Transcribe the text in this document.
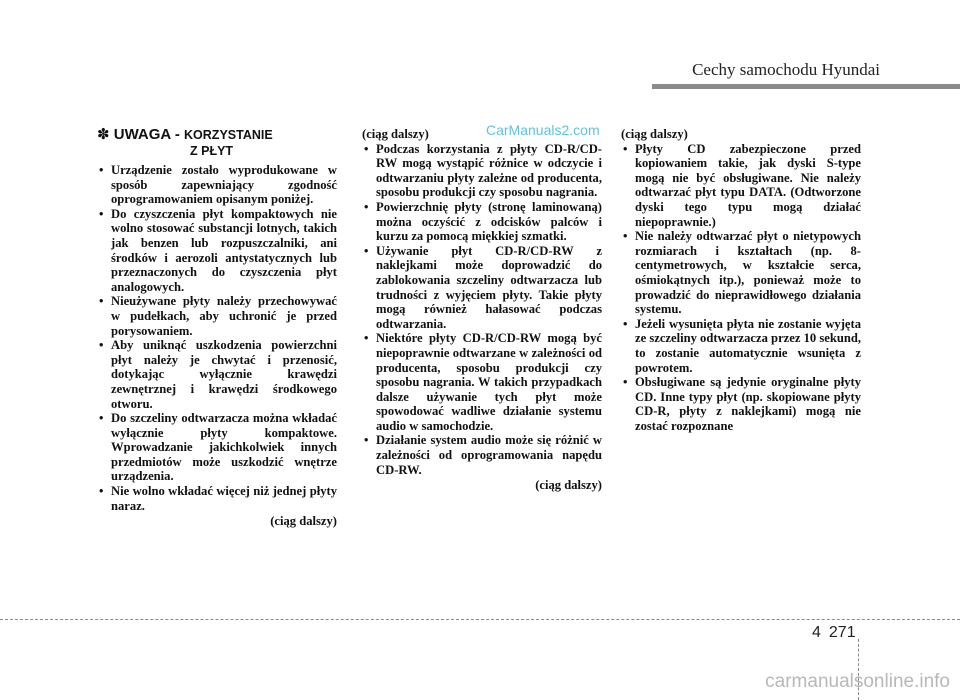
Cechy samochodu Hyundai
CarManuals2.com
✽ UWAGA - KORZYSTANIE
Z PŁYT
• Urządzenie zostało wyprodukowane w sposób zapewniający zgodność oprogramowaniem opisanym poniżej.
• Do czyszczenia płyt kompaktowych nie wolno stosować substancji lotnych, takich jak benzen lub rozpuszczalniki, ani środków i aerozoli antystatycznych lub przeznaczonych do czyszczenia płyt analogowych.
• Nieużywane płyty należy przechowywać w pudełkach, aby uchronić je przed porysowaniem.
• Aby uniknąć uszkodzenia powierzchni płyt należy je chwytać i przenosić, dotykając wyłącznie krawędzi zewnętrznej i krawędzi środkowego otworu.
• Do szczeliny odtwarzacza można wkładać wyłącznie płyty kompaktowe. Wprowadzanie jakichkolwiek innych przedmiotów może uszkodzić wnętrze urządzenia.
• Nie wolno wkładać więcej niż jednej płyty naraz.
(ciąg dalszy)
(ciąg dalszy)
• Podczas korzystania z płyty CD-R/CD-RW mogą wystąpić różnice w odczycie i odtwarzaniu płyty zależne od producenta, sposobu produkcji czy sposobu nagrania.
• Powierzchnię płyty (stronę laminowaną) można oczyścić z odcisków palców i kurzu za pomocą miękkiej szmatki.
• Używanie płyt CD-R/CD-RW z naklejkami może doprowadzić do zablokowania szczeliny odtwarzacza lub trudności z wyjęciem płyty. Takie płyty mogą również hałasować podczas odtwarzania.
• Niektóre płyty CD-R/CD-RW mogą być niepoprawnie odtwarzane w zależności od producenta, sposobu produkcji czy sposobu nagrania. W takich przypadkach dalsze używanie tych płyt może spowodować wadliwe działanie systemu audio w samochodzie.
• Działanie system audio może się różnić w zależności od oprogramowania napędu CD-RW.
(ciąg dalszy)
(ciąg dalszy)
• Płyty CD zabezpieczone przed kopiowaniem takie, jak dyski S-type mogą nie być obsługiwane. Nie należy odtwarzać płyt typu DATA. (Odtworzone dyski tego typu mogą działać niepoprawnie.)
• Nie należy odtwarzać płyt o nietypowych rozmiarach i kształtach (np. 8-centymetrowych, w kształcie serca, ośmiokątnych itp.), ponieważ może to prowadzić do nieprawidłowego działania systemu.
• Jeżeli wysunięta płyta nie zostanie wyjęta ze szczeliny odtwarzacza przez 10 sekund, to zostanie automatycznie wsunięta z powrotem.
• Obsługiwane są jedynie oryginalne płyty CD. Inne typy płyt (np. skopiowane płyty CD-R, płyty z naklejkami) mogą nie zostać rozpoznane
4 271
carmanualsonline.info
